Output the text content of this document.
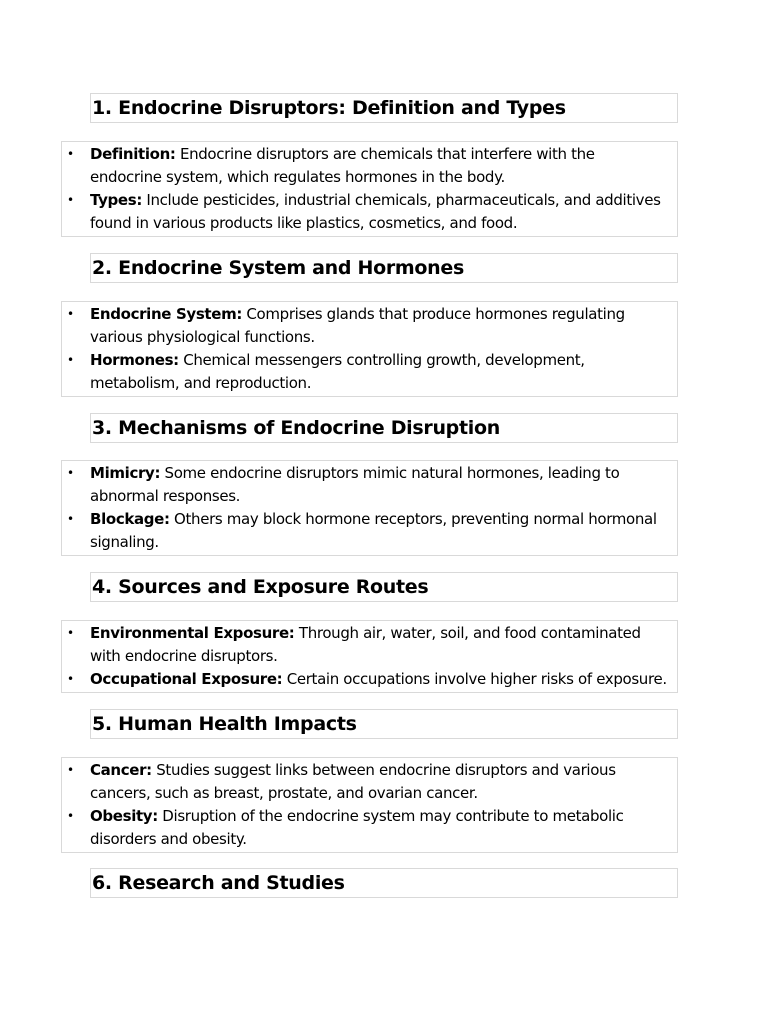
1. Endocrine Disruptors: Definition and Types
• Definition: Endocrine disruptors are chemicals that interfere with the
endocrine system, which regulates hormones in the body.
• Types: Include pesticides, industrial chemicals, pharmaceuticals, and additives
found in various products like plastics, cosmetics, and food.
2. Endocrine System and Hormones
• Endocrine System: Comprises glands that produce hormones regulating
various physiological functions.
• Hormones: Chemical messengers controlling growth, development,
metabolism, and reproduction.
3. Mechanisms of Endocrine Disruption
• Mimicry: Some endocrine disruptors mimic natural hormones, leading to
abnormal responses.
• Blockage: Others may block hormone receptors, preventing normal hormonal
signaling.
4. Sources and Exposure Routes
• Environmental Exposure: Through air, water, soil, and food contaminated
with endocrine disruptors.
• Occupational Exposure: Certain occupations involve higher risks of exposure.
5. Human Health Impacts
• Cancer: Studies suggest links between endocrine disruptors and various
cancers, such as breast, prostate, and ovarian cancer.
• Obesity: Disruption of the endocrine system may contribute to metabolic
disorders and obesity.
6. Research and Studies
